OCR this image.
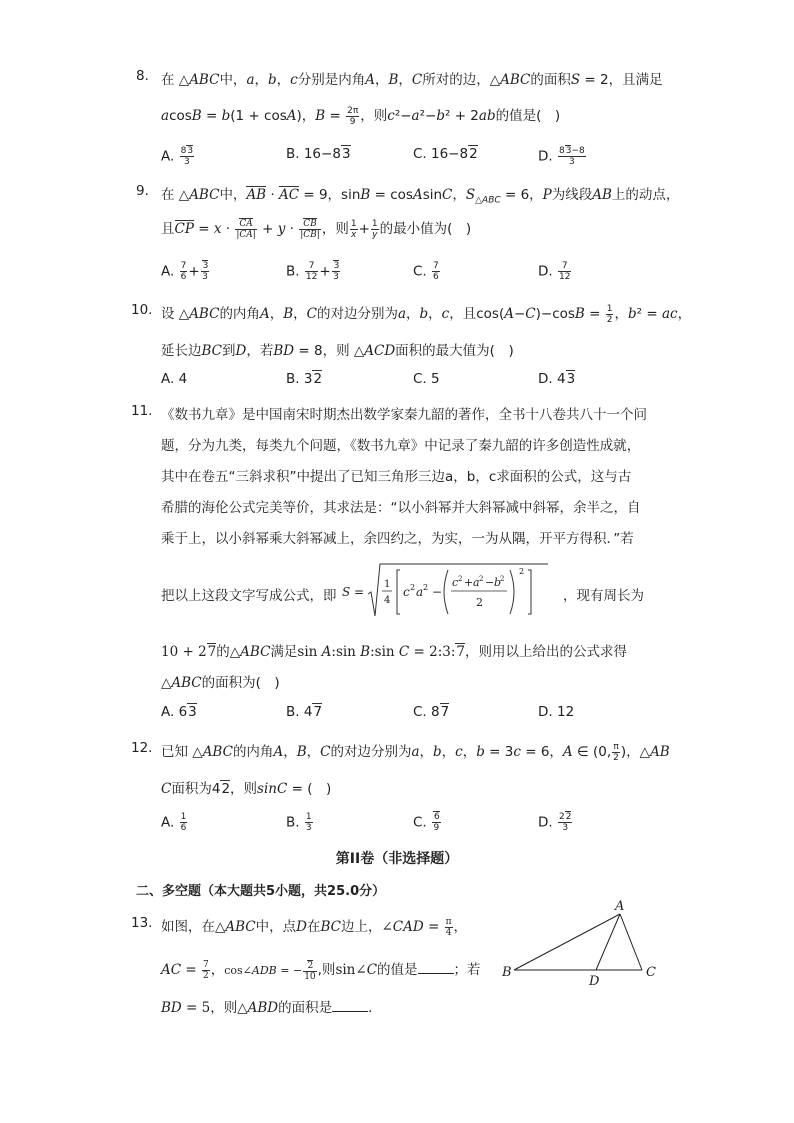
8. 在 △ABC中，a，b，c分别是内角A，B，C所对的边，△ABC的面积S = 2，且满足
acosB = b(1 + cosA)，$B = \frac{2\pi}{9}$ ，则c²−a²−b² + 2ab的值是(　)
A. $\frac{83}{3}$	B. 16−83	C. 16−82	D. $\frac{83-8}{3}$
9. 在 △ABC中，AB · AC = 9，sinB = cosAsinC，$S_{\triangle ABC} = 6$，P为线段AB上的动点，
且CP = $x \cdot \frac{CA}{|CA|} + y \cdot \frac{CB}{|CB|}$ ，则 $\frac{1}{x} + \frac{1}{y}$ 的最小值为(　)
A. $\frac{7}{6} + \frac{3}{3}$	B. $\frac{7}{12} + \frac{3}{3}$	C. $\frac{7}{6}$	D. $\frac{7}{12}$
10. 设 △ABC的内角A，B，C的对边分别为a，b，c，且$\cos(A-C)-\cos B = \frac{1}{2}$ ，b² = ac，
延长边BC到D，若BD = 8，则 △ACD面积的最大值为(　)
A. 4	B. 32	C. 5	D. 43
11. 《数书九章》是中国南宋时期杰出数学家秦九韶的著作，全书十八卷共八十一个问
题，分为九类，每类九个问题，《数书九章》中记录了秦九韶的许多创造性成就，
其中在卷五“三斜求积”中提出了已知三角形三边a，b，c求面积的公式，这与古
希腊的海伦公式完美等价，其求法是：“以小斜幂并大斜幂减中斜幂，余半之，自
乘于上，以小斜幂乘大斜幂减上，余四约之，为实，一为从隅，开平方得积．”若
把以上这段文字写成公式，即 S =
1
4
c 2 a 2 −
c 2 + a 2 − b
2
2
2
，现有周长为
10 + 27的△ABC满足sin A:sin B:sin C = 2:3:7，则用以上给出的公式求得
△ABC的面积为(　)
A. 63	B. 47	C. 87	D. 12
12. 已知 △ABC的内角A，B，C的对边分别为a，b，c，b = 3c = 6，A ∈ (0, $\frac{\pi}{2}$ )，△AB
C面积为42，则sinC = (　)
A. $\frac{1}{6}$	B. $\frac{1}{3}$	C. $\frac{6}{9}$	D. $\frac{22}{3}$
第II卷（非选择题）
二、多空题（本大题共5小题，共25.0分）
13. 如图，在△ABC中，点D在BC边上，∠CAD = $\frac{\pi}{4}$ ，
AC = $\frac{7}{2}$ ，cos∠ADB = − $\frac{2}{10}$ ,则sin∠C的值是	；若
BD = 5，则△ABD的面积是	．
A
B
D
C
